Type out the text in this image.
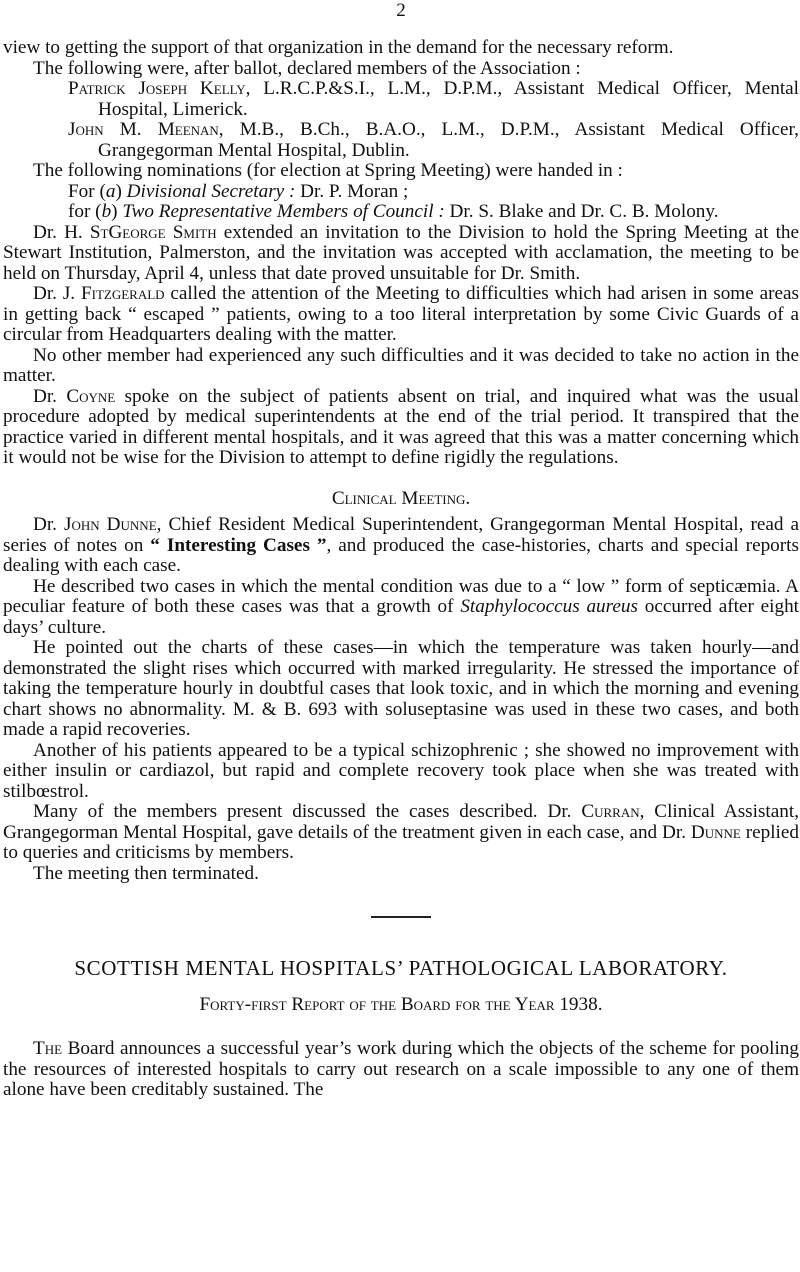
2

view to getting the support of that organization in the demand for the necessary reform.

The following were, after ballot, declared members of the Association :

Patrick Joseph Kelly, L.R.C.P.&S.I., L.M., D.P.M., Assistant Medical Officer, Mental Hospital, Limerick.

John M. Meenan, M.B., B.Ch., B.A.O., L.M., D.P.M., Assistant Medical Officer, Grangegorman Mental Hospital, Dublin.

The following nominations (for election at Spring Meeting) were handed in :

For (a) Divisional Secretary : Dr. P. Moran ;

for (b) Two Representative Members of Council : Dr. S. Blake and Dr. C. B. Molony.

Dr. H. StGeorge Smith extended an invitation to the Division to hold the Spring Meeting at the Stewart Institution, Palmerston, and the invitation was accepted with acclamation, the meeting to be held on Thursday, April 4, unless that date proved unsuitable for Dr. Smith.

Dr. J. Fitzgerald called the attention of the Meeting to difficulties which had arisen in some areas in getting back “ escaped ” patients, owing to a too literal interpretation by some Civic Guards of a circular from Headquarters dealing with the matter.

No other member had experienced any such difficulties and it was decided to take no action in the matter.

Dr. Coyne spoke on the subject of patients absent on trial, and inquired what was the usual procedure adopted by medical superintendents at the end of the trial period. It transpired that the practice varied in different mental hospitals, and it was agreed that this was a matter concerning which it would not be wise for the Division to attempt to define rigidly the regulations.

Clinical Meeting.

Dr. John Dunne, Chief Resident Medical Superintendent, Grangegorman Mental Hospital, read a series of notes on “ Interesting Cases ”, and produced the case-histories, charts and special reports dealing with each case.

He described two cases in which the mental condition was due to a “ low ” form of septicæmia. A peculiar feature of both these cases was that a growth of Staphylococcus aureus occurred after eight days’ culture.

He pointed out the charts of these cases—in which the temperature was taken hourly—and demonstrated the slight rises which occurred with marked irregularity. He stressed the importance of taking the temperature hourly in doubtful cases that look toxic, and in which the morning and evening chart shows no abnormality. M. & B. 693 with soluseptasine was used in these two cases, and both made a rapid recoveries.

Another of his patients appeared to be a typical schizophrenic ; she showed no improvement with either insulin or cardiazol, but rapid and complete recovery took place when she was treated with stilbœstrol.

Many of the members present discussed the cases described. Dr. Curran, Clinical Assistant, Grangegorman Mental Hospital, gave details of the treatment given in each case, and Dr. Dunne replied to queries and criticisms by members.

The meeting then terminated.

SCOTTISH MENTAL HOSPITALS’ PATHOLOGICAL LABORATORY.
Forty-first Report of the Board for the Year 1938.

The Board announces a successful year’s work during which the objects of the scheme for pooling the resources of interested hospitals to carry out research on a scale impossible to any one of them alone have been creditably sustained. The
